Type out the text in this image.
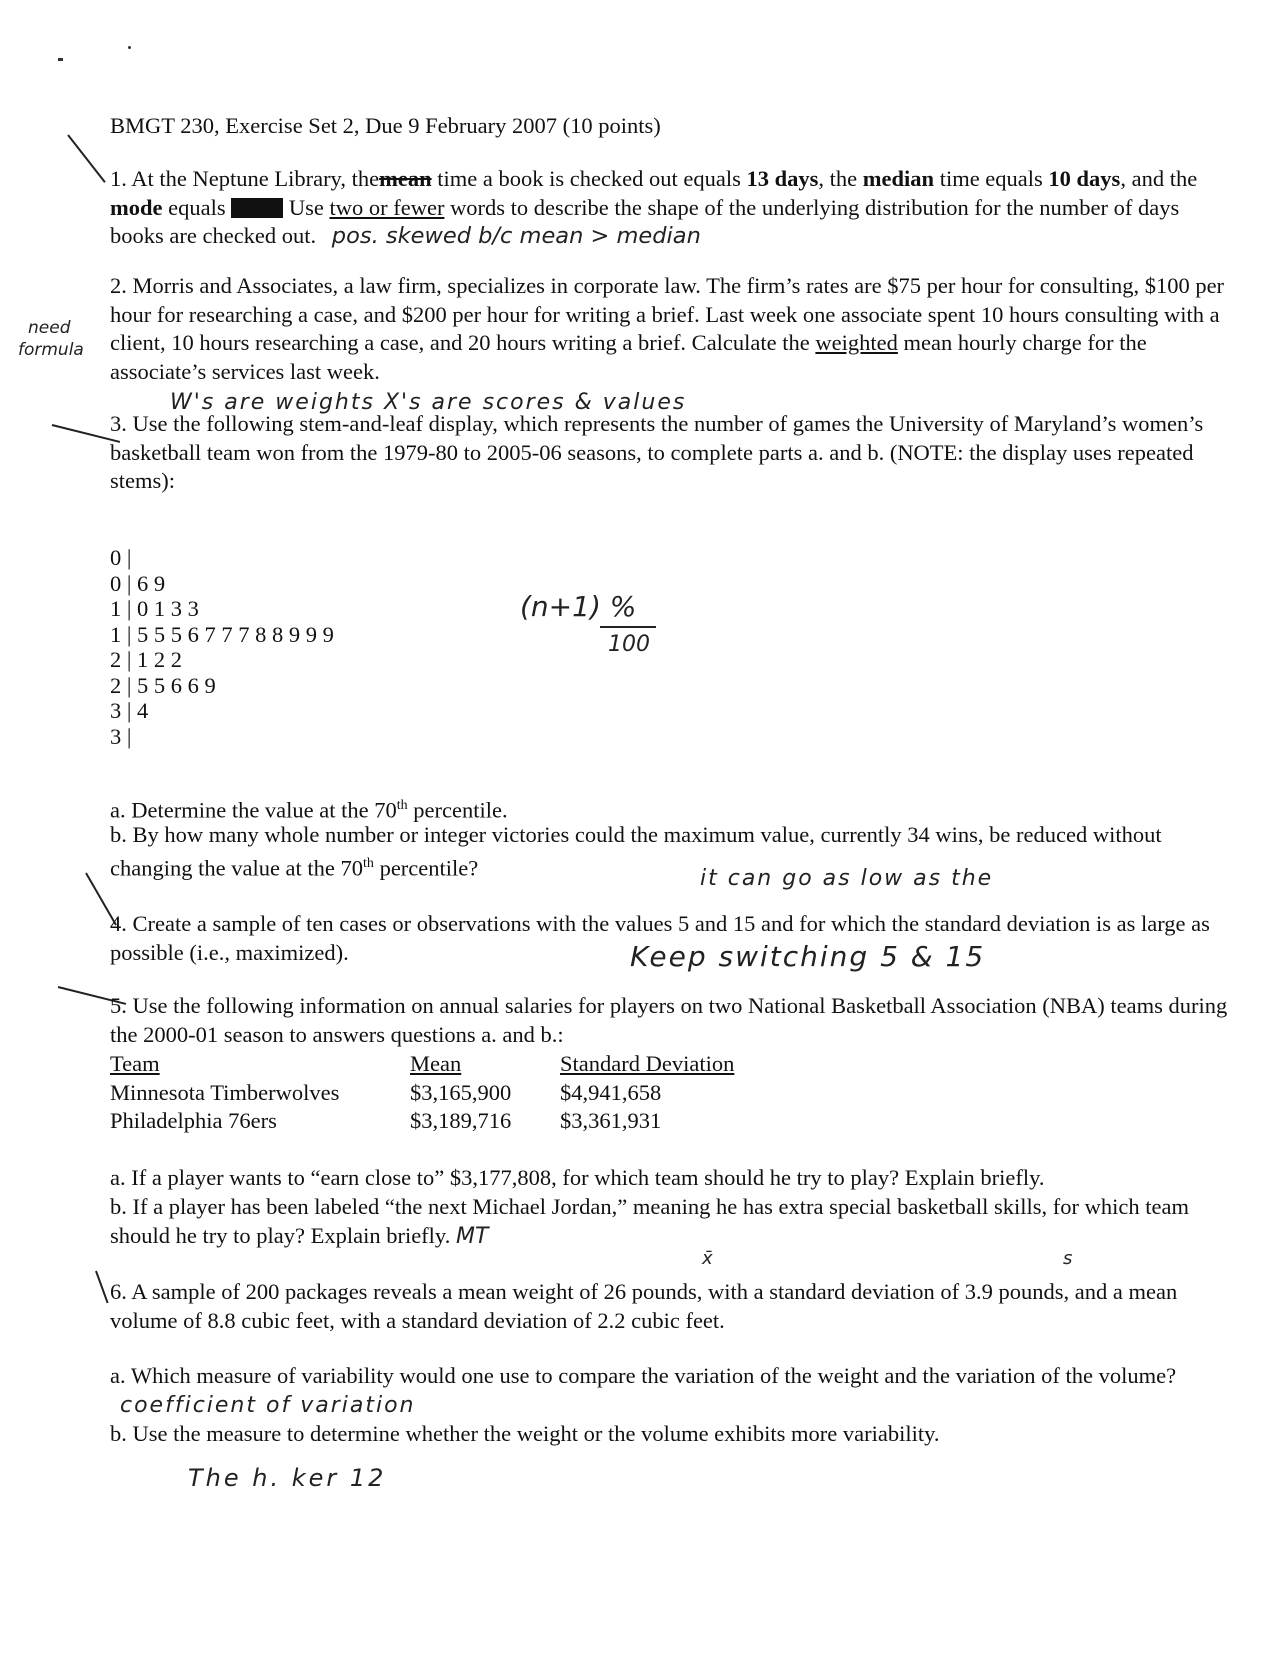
BMGT 230, Exercise Set 2, Due 9 February 2007 (10 points)
1. At the Neptune Library, themean time a book is checked out equals 13 days, the median time equals 10 days, and the mode equals  Use two or fewer words to describe the shape of the underlying distribution for the number of days books are checked out. pos. skewed b/c mean > median
need
formula
2. Morris and Associates, a law firm, specializes in corporate law. The firm’s rates are $75 per hour for consulting, $100 per hour for researching a case, and $200 per hour for writing a brief. Last week one associate spent 10 hours consulting with a client, 10 hours researching a case, and 20 hours writing a brief. Calculate the weighted mean hourly charge for the associate’s services last week.
W's are weights X's are scores & values
3. Use the following stem-and-leaf display, which represents the number of games the University of Maryland’s women’s basketball team won from the 1979-80 to 2005-06 seasons, to complete parts a. and b. (NOTE: the display uses repeated stems):
0 |
0 | 6 9
1 | 0 1 3 3
1 | 5 5 5 6 7 7 7 8 8 9 9 9
2 | 1 2 2
2 | 5 5 6 6 9
3 | 4
3 |
(n+1) %
100
a. Determine the value at the 70th percentile.
b. By how many whole number or integer victories could the maximum value, currently 34 wins, be reduced without changing the value at the 70th percentile?	it can go as low as the
4. Create a sample of ten cases or observations with the values 5 and 15 and for which the standard deviation is as large as possible (i.e., maximized).	Keep switching 5 & 15
5. Use the following information on annual salaries for players on two National Basketball Association (NBA) teams during the 2000-01 season to answers questions a. and b.:
Team	Mean	Standard Deviation
Minnesota Timberwolves	$3,165,900	$4,941,658
Philadelphia 76ers	$3,189,716	$3,361,931
a. If a player wants to “earn close to” $3,177,808, for which team should he try to play? Explain briefly.
b. If a player has been labeled “the next Michael Jordan,” meaning he has extra special basketball skills, for which team should he try to play? Explain briefly. MT
x̄	s
6. A sample of 200 packages reveals a mean weight of 26 pounds, with a standard deviation of 3.9 pounds, and a mean volume of 8.8 cubic feet, with a standard deviation of 2.2 cubic feet.
a. Which measure of variability would one use to compare the variation of the weight and the variation of the volume? coefficient of variation
b. Use the measure to determine whether the weight or the volume exhibits more variability.
The h. ker 12
